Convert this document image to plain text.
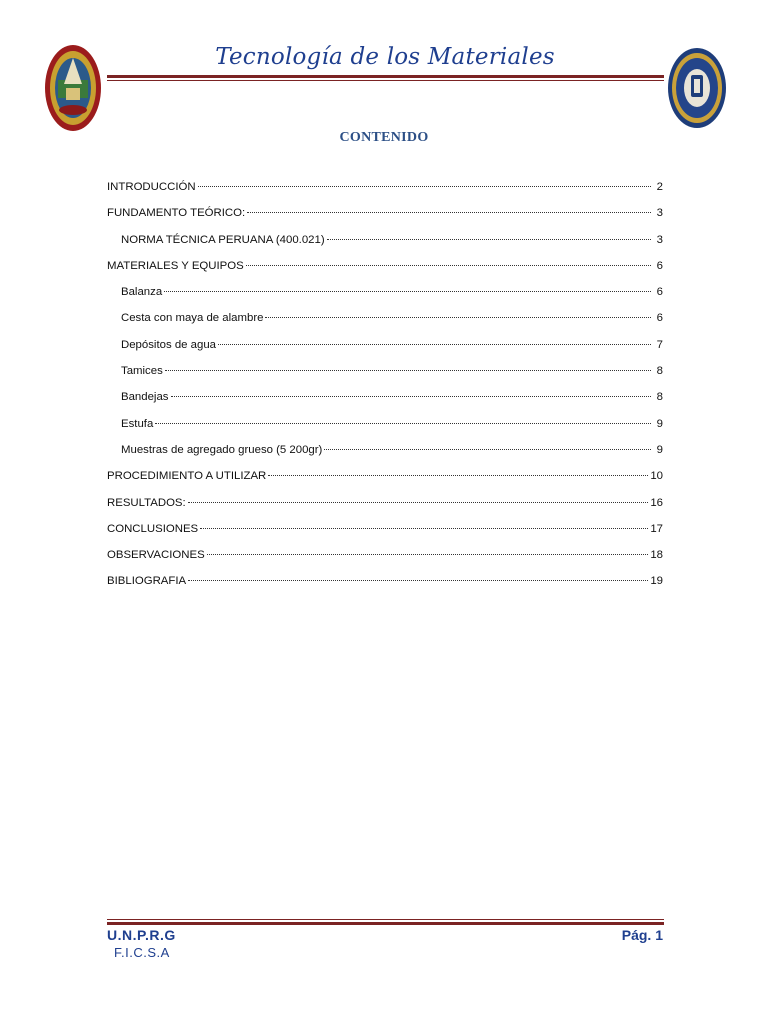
Tecnología de los Materiales
CONTENIDO
INTRODUCCIÓN	2
FUNDAMENTO TEÓRICO:	3
NORMA TÉCNICA PERUANA (400.021)	3
MATERIALES Y EQUIPOS	6
Balanza	6
Cesta con maya de alambre	6
Depósitos de agua	7
Tamices	8
Bandejas	8
Estufa	9
Muestras de agregado grueso (5 200gr)	9
PROCEDIMIENTO A UTILIZAR	10
RESULTADOS:	16
CONCLUSIONES	17
OBSERVACIONES	18
BIBLIOGRAFIA	19
U.N.P.R.G
F.I.C.S.A
Pág. 1
